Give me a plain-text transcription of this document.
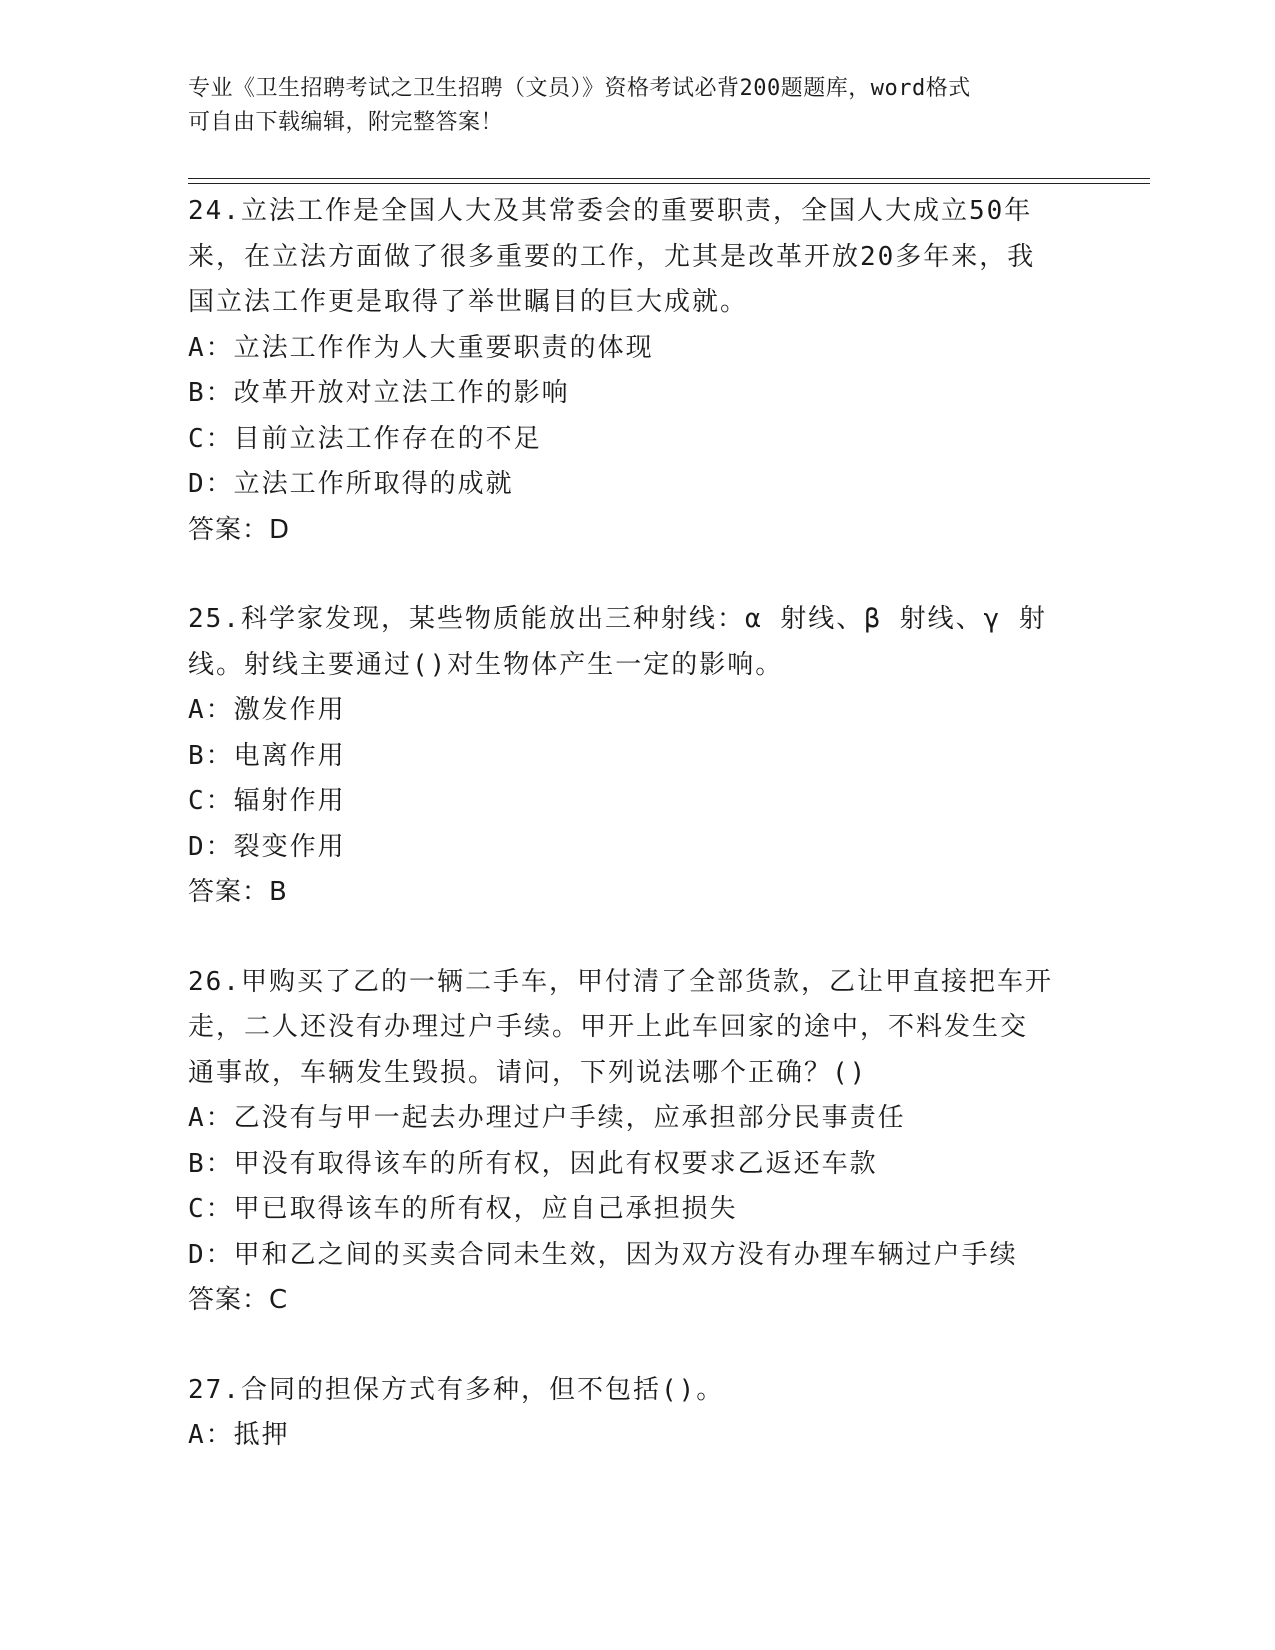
专业《卫生招聘考试之卫生招聘（文员）》资格考试必背200题题库，word格式
可自由下载编辑，附完整答案！
24.立法工作是全国人大及其常委会的重要职责，全国人大成立50年
来，在立法方面做了很多重要的工作，尤其是改革开放20多年来，我
国立法工作更是取得了举世瞩目的巨大成就。
A：立法工作作为人大重要职责的体现
B：改革开放对立法工作的影响
C：目前立法工作存在的不足
D：立法工作所取得的成就
答案：D
25.科学家发现，某些物质能放出三种射线：α 射线、β 射线、γ 射
线。射线主要通过()对生物体产生一定的影响。
A：激发作用
B：电离作用
C：辐射作用
D：裂变作用
答案：B
26.甲购买了乙的一辆二手车，甲付清了全部货款，乙让甲直接把车开
走，二人还没有办理过户手续。甲开上此车回家的途中，不料发生交
通事故，车辆发生毁损。请问，下列说法哪个正确？()
A：乙没有与甲一起去办理过户手续，应承担部分民事责任
B：甲没有取得该车的所有权，因此有权要求乙返还车款
C：甲已取得该车的所有权，应自己承担损失
D：甲和乙之间的买卖合同未生效，因为双方没有办理车辆过户手续
答案：C
27.合同的担保方式有多种，但不包括()。
A：抵押
